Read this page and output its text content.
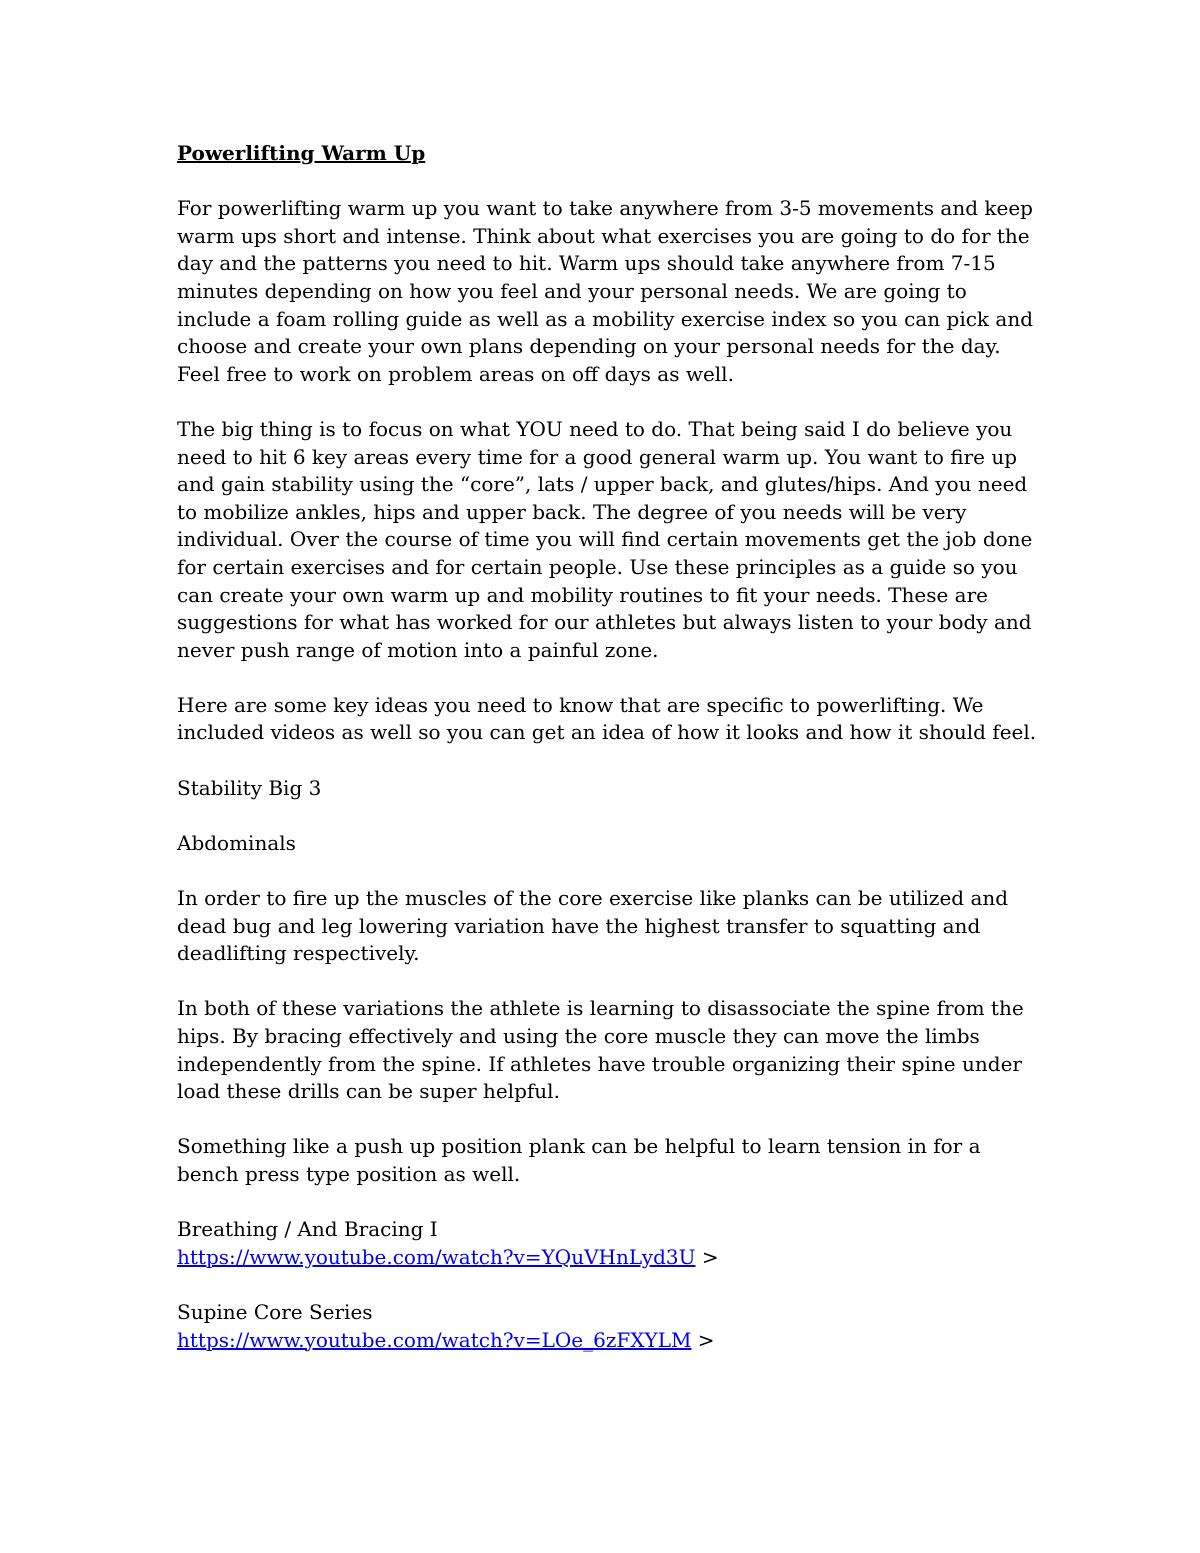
Powerlifting Warm Up

For powerlifting warm up you want to take anywhere from 3-5 movements and keep warm ups short and intense. Think about what exercises you are going to do for the day and the patterns you need to hit. Warm ups should take anywhere from 7-15 minutes depending on how you feel and your personal needs. We are going to include a foam rolling guide as well as a mobility exercise index so you can pick and choose and create your own plans depending on your personal needs for the day. Feel free to work on problem areas on off days as well.

The big thing is to focus on what YOU need to do. That being said I do believe you need to hit 6 key areas every time for a good general warm up. You want to fire up and gain stability using the “core”, lats / upper back, and glutes/hips. And you need to mobilize ankles, hips and upper back. The degree of you needs will be very individual. Over the course of time you will find certain movements get the job done for certain exercises and for certain people. Use these principles as a guide so you can create your own warm up and mobility routines to fit your needs. These are suggestions for what has worked for our athletes but always listen to your body and never push range of motion into a painful zone.

Here are some key ideas you need to know that are specific to powerlifting. We included videos as well so you can get an idea of how it looks and how it should feel.

Stability Big 3

Abdominals

In order to fire up the muscles of the core exercise like planks can be utilized and dead bug and leg lowering variation have the highest transfer to squatting and deadlifting respectively.

In both of these variations the athlete is learning to disassociate the spine from the hips. By bracing effectively and using the core muscle they can move the limbs independently from the spine. If athletes have trouble organizing their spine under load these drills can be super helpful.

Something like a push up position plank can be helpful to learn tension in for a bench press type position as well.

Breathing / And Bracing I
https://www.youtube.com/watch?v=YQuVHnLyd3U >
Supine Core Series
https://www.youtube.com/watch?v=LOe_6zFXYLM >
